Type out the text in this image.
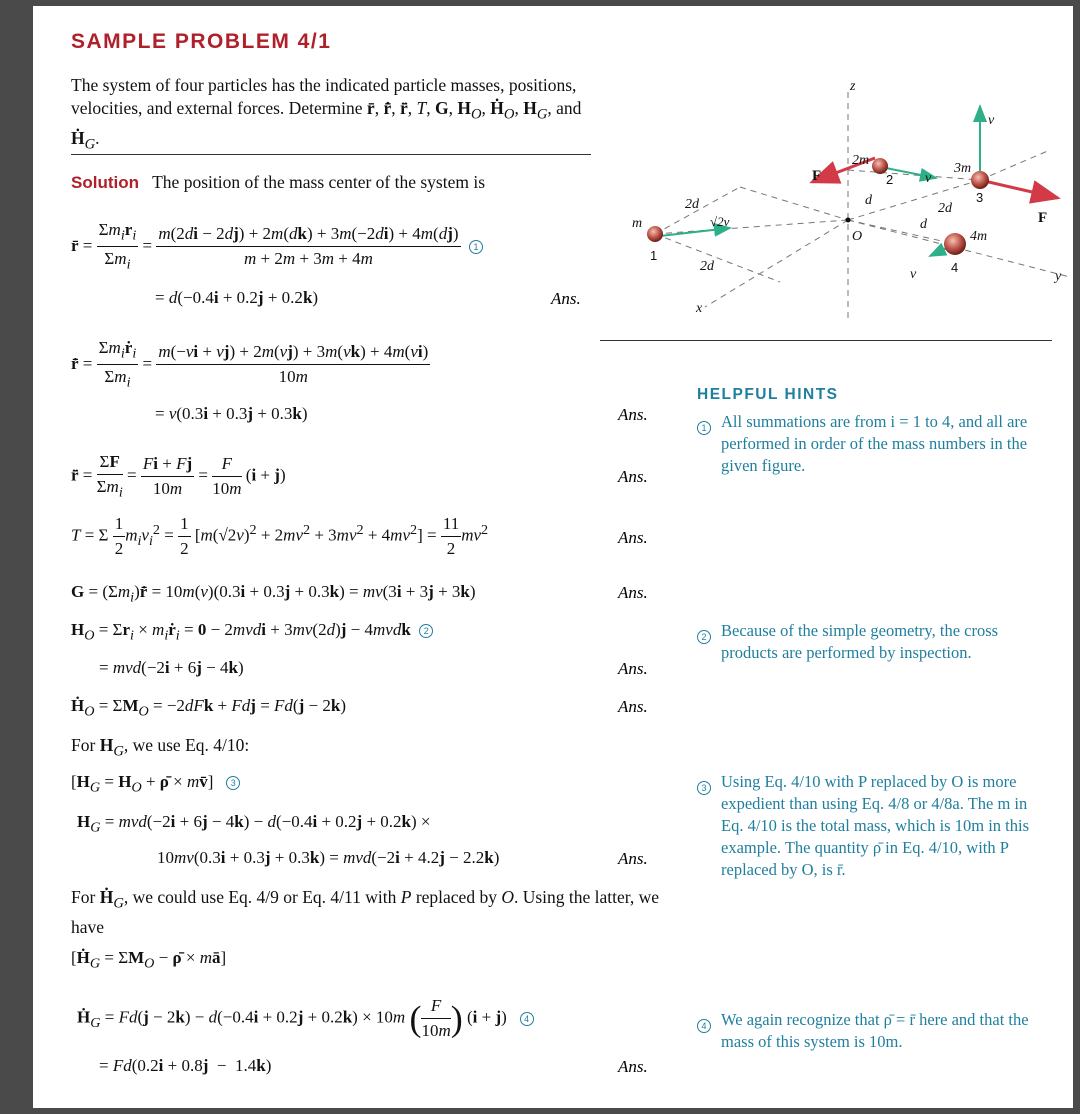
SAMPLE PROBLEM 4/1
The system of four particles has the indicated particle masses, positions, velocities, and external forces. Determine r̄, r̄̇, r̄̈, T, G, $H_O$, Ḣ$_O$, $H_G$, and Ḣ$_G$.
z
x
y
O
m
2m
3m
4m
2d
2d
d
d
2d
v
v
v
√2v
1
2
3
4
F
F
Solution The position of the mass center of the system is
r̄ = $\frac{\Sigma m_ir_i}{\Sigma m_i} = \frac{m(2di - 2dj) + 2m(dk) + 3m(-2di) + 4m(dj)}{m + 2m + 3m + 4m} 1$
= d(−0.4i + 0.2j + 0.2k)	Ans.
r̄̇ = $\frac{\Sigma m_iṙ_i}{\Sigma m_i} = \frac{m(-vi + vj) + 2m(vj) + 3m(vk) + 4m(vi)}{10m}$
= v(0.3i + 0.3j + 0.3k)	Ans.
r̄̈ = $\frac{\Sigma F}{\Sigma m_i} = \frac{Fi + Fj}{10m} = \frac{F}{10m} (i + j)$	Ans.
T = Σ $\frac{1}{2} m_iv_i^2 = \frac{1}{2} [m(√2v)^2 + 2mv^2 + 3mv^2 + 4mv^2] = \frac{11}{2} mv^2$	Ans.
$G = (\Sigma m_i)r̄̇ = 10m(v)(0.3i + 0.3j + 0.3k) = mv(3i + 3j + 3k)$	Ans.
$H_O = \Sigma r_i$ × $m_iṙ_i = 0$ − 2mvdi + 3mv(2d)j − 4mvdk 2
= mvd(−2i + 6j − 4k)	Ans.
Ḣ$_O$ = $\Sigma M_O = -2dFk$ + Fdj = Fd(j − 2k)	Ans.
For $H_G$, we use Eq. 4/10:
[$H_G = H_O$ + ρ̄ × mv̄]   3
$H_G = mvd(-2i + 6j - 4k) - d(-0.4i + 0.2j + 0.2k)$ ×
10mv(0.3i + 0.3j + 0.3k) = mvd(−2i + 4.2j − 2.2k)	Ans.
For Ḣ$_G$, we could use Eq. 4/9 or Eq. 4/11 with P replaced by O. Using the latter, we have
[Ḣ$_G$ = $\Sigma M_O$ − ρ̄ × mā]
Ḣ$_G$ = Fd(j − 2k) − d(−0.4i + 0.2j + 0.2k) × 10m ( $\frac{F}{10m}$ ) (i + j)   4
= Fd(0.2i + 0.8j  −  1.4k)	Ans.
HELPFUL HINTS
1 All summations are from i = 1 to 4, and all are performed in order of the mass numbers in the given figure.
2 Because of the simple geometry, the cross products are performed by inspection.
3 Using Eq. 4/10 with P replaced by O is more expedient than using Eq. 4/8 or 4/8a. The m in Eq. 4/10 is the total mass, which is 10m in this example. The quantity ρ̄ in Eq. 4/10, with P replaced by O, is r̄.
4 We again recognize that ρ̄ = r̄ here and that the mass of this system is 10m.
